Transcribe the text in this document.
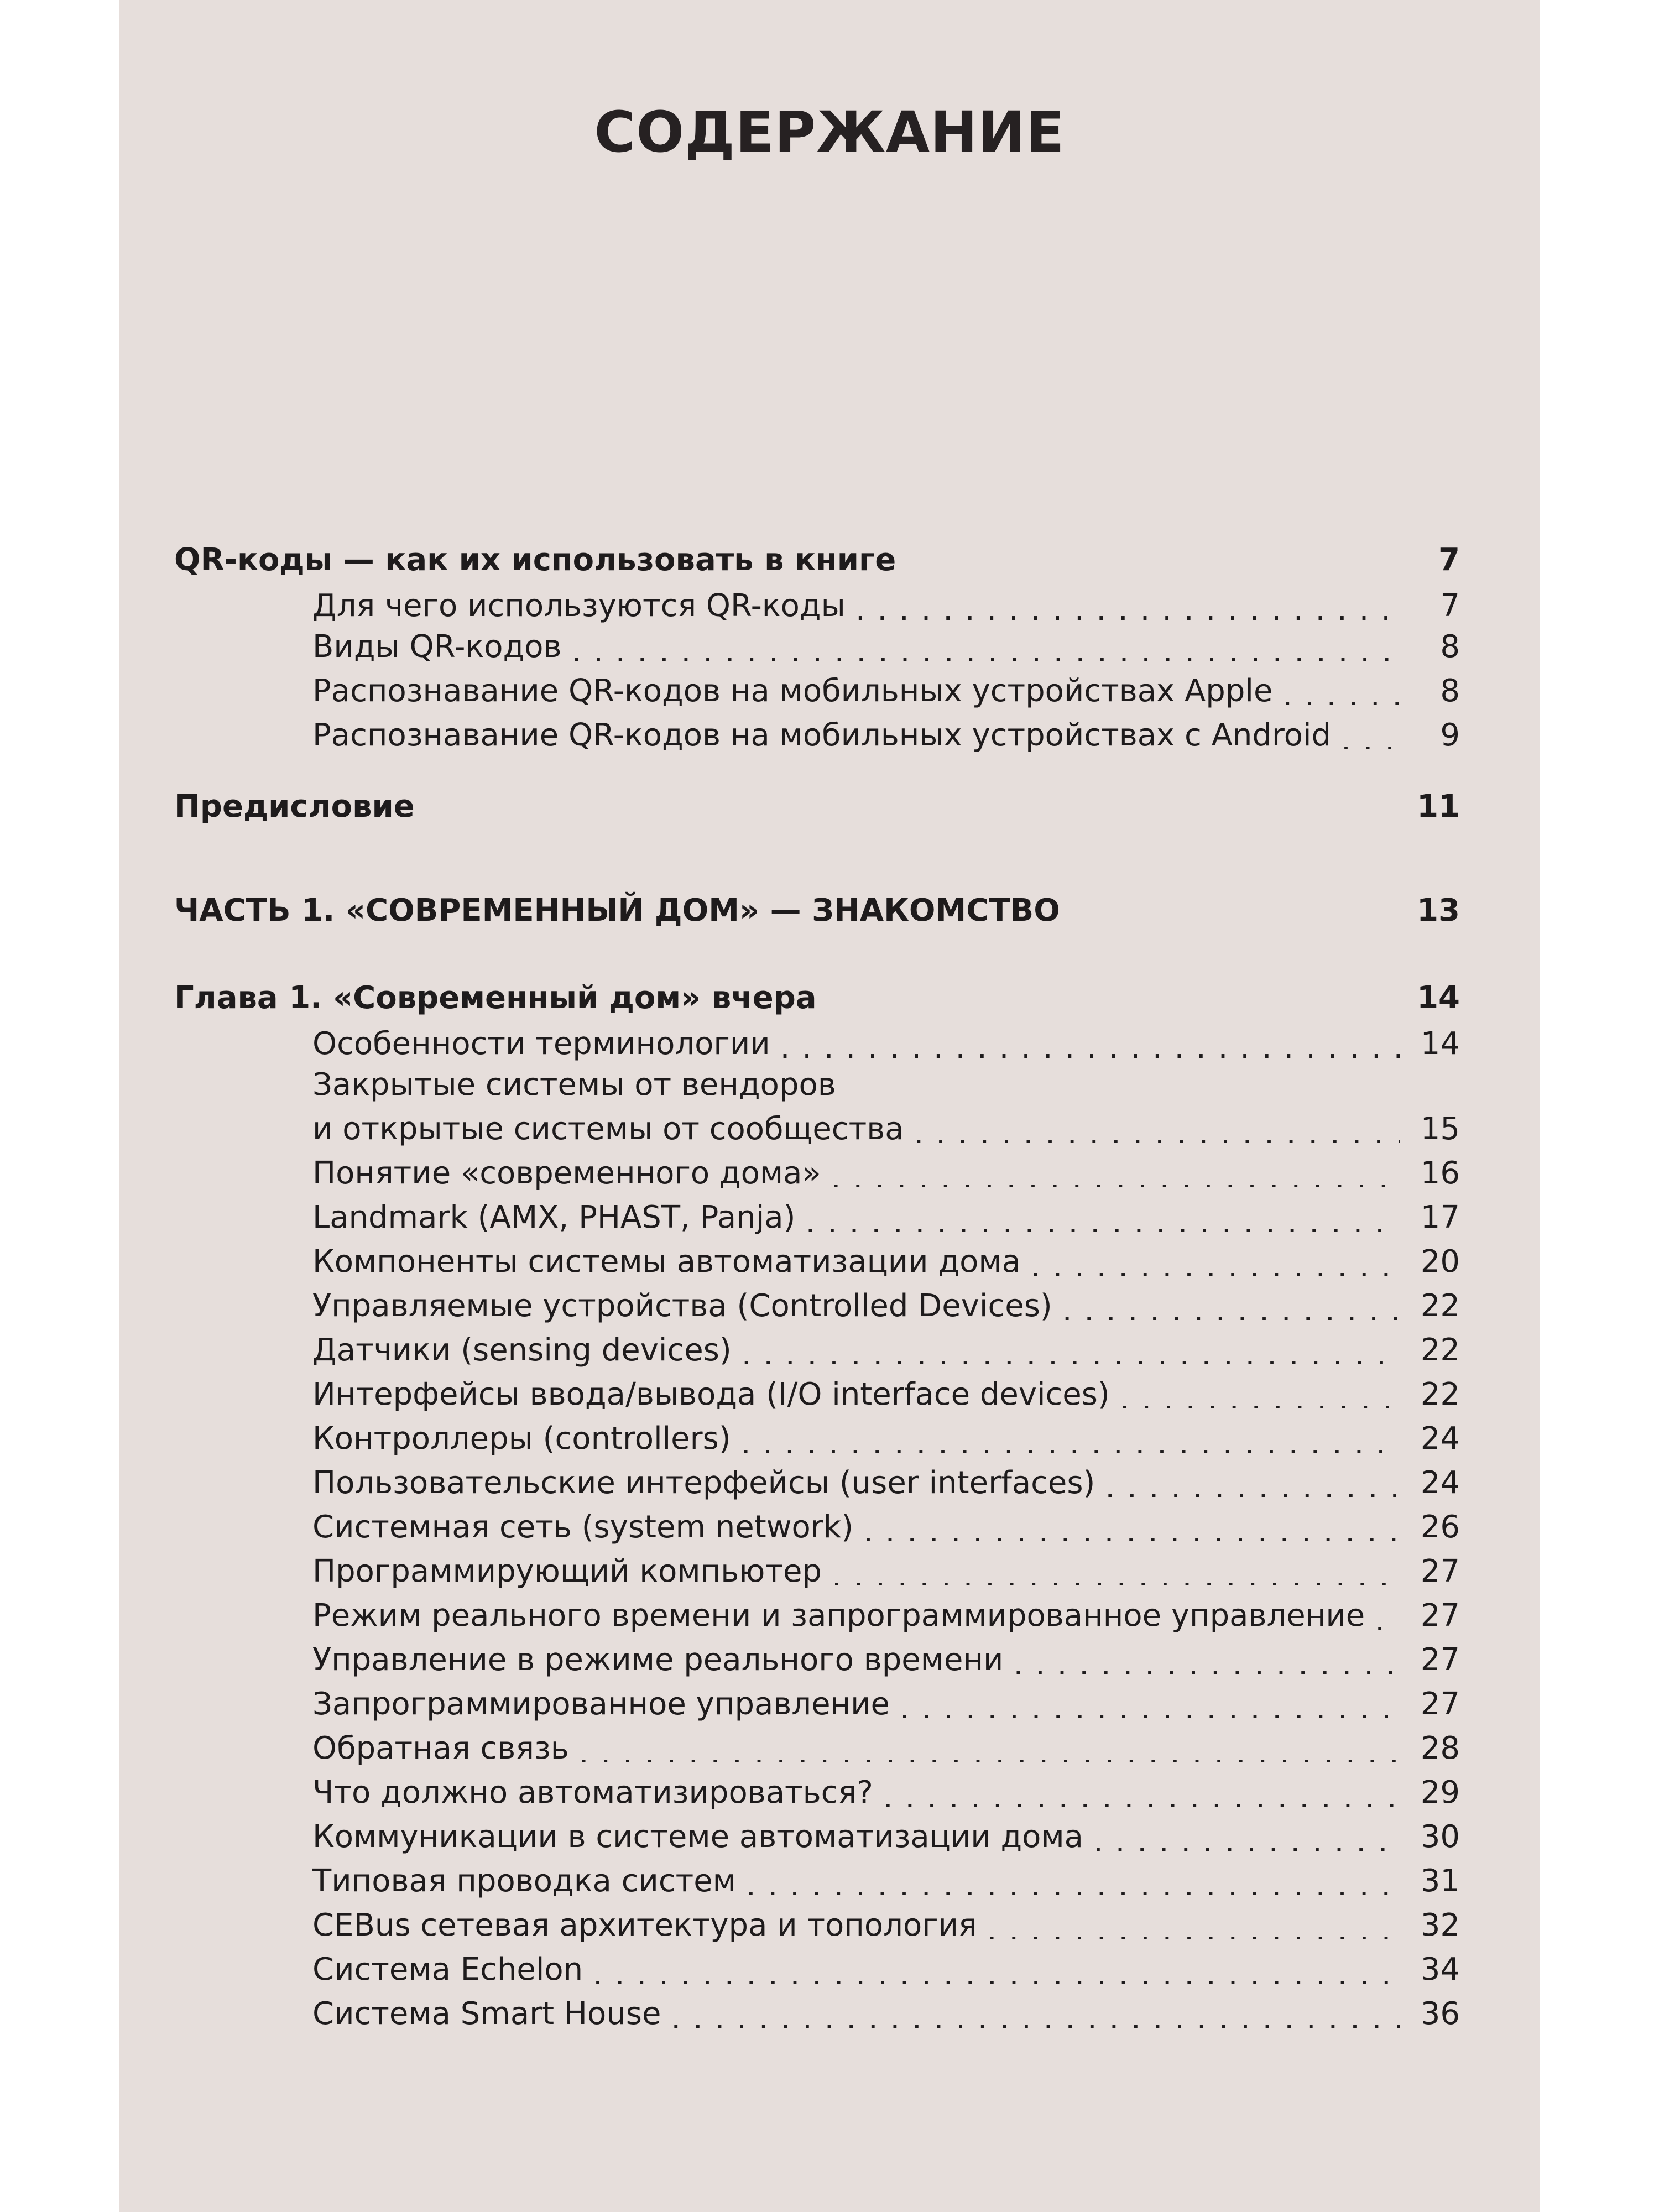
СОДЕРЖАНИЕ
QR-коды — как их использовать в книге . . .	7
Для чего используются QR-коды . . .	7
Виды QR-кодов . . .	8
Распознавание QR-кодов на мобильных устройствах Apple . . .	8
Распознавание QR-кодов на мобильных устройствах с Android . . .	9
Предисловие . . .	11
ЧАСТЬ 1. «СОВРЕМЕННЫЙ ДОМ» — ЗНАКОМСТВО . . .	13
Глава 1. «Современный дом» вчера . . .	14
Особенности терминологии . . .	14
Закрытые системы от вендоров
и открытые системы от сообщества . . .	15
Понятие «современного дома» . . .	16
Landmark (AMX, PHAST, Panja) . . .	17
Компоненты системы автоматизации дома . . .	20
Управляемые устройства (Controlled Devices) . . .	22
Датчики (sensing devices) . . .	22
Интерфейсы ввода/вывода (I/O interface devices) . . .	22
Контроллеры (controllers) . . .	24
Пользовательские интерфейсы (user interfaces) . . .	24
Системная сеть (system network) . . .	26
Программирующий компьютер . . .	27
Режим реального времени и запрограммированное управление . . .	27
Управление в режиме реального времени . . .	27
Запрограммированное управление . . .	27
Обратная связь . . .	28
Что должно автоматизироваться? . . .	29
Коммуникации в системе автоматизации дома . . .	30
Типовая проводка систем . . .	31
CEBus сетевая архитектура и топология . . .	32
Система Echelon . . .	34
Система Smart House . . .	36
